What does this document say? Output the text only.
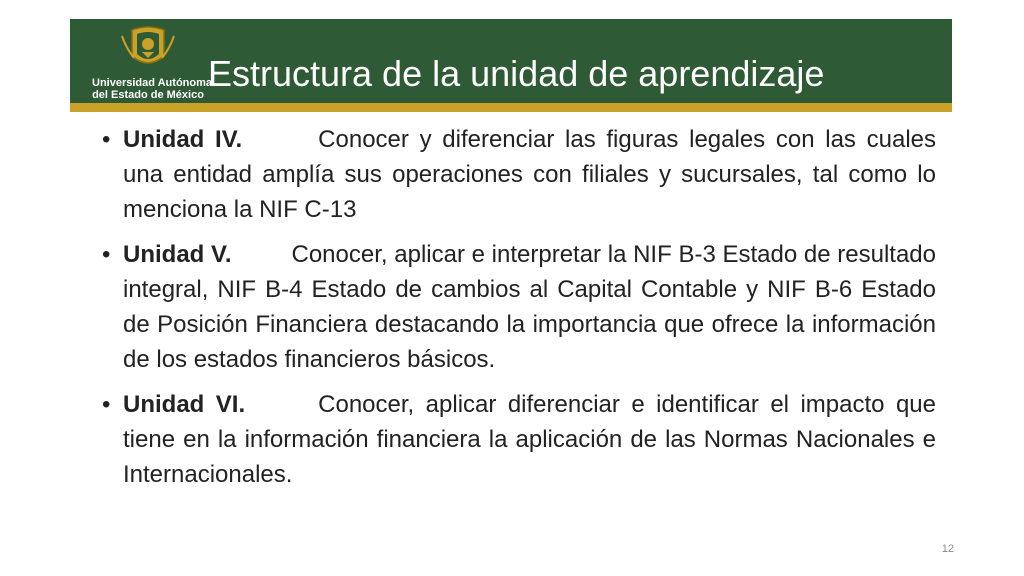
Universidad Autónoma
del Estado de México
Estructura de la unidad de aprendizaje
• Unidad IV.	Conocer y diferenciar las figuras legales con las cuales una entidad amplía sus operaciones con filiales y sucursales, tal como lo menciona la NIF C-13
• Unidad V.	Conocer, aplicar e interpretar la NIF B-3 Estado de resultado integral, NIF B-4 Estado de cambios al Capital Contable y NIF B-6 Estado de Posición Financiera destacando la importancia que ofrece la información de los estados financieros básicos.
• Unidad VI.	Conocer, aplicar diferenciar e identificar el impacto que tiene en la información financiera la aplicación de las Normas Nacionales e Internacionales.
12
